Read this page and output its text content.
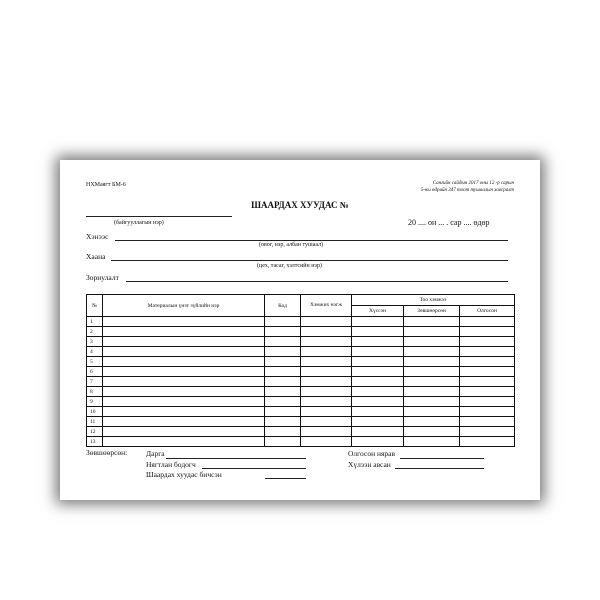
НХМаягт БМ-6	Сангийн сайдын 2017 оны 12 -р сарын
5-ны өдрийн 347 тоот тушаалын хавсралт
ШААРДАХ ХУУДАС №
(байгууллагын нэр)	20 .... он ... . сар .... өдөр
Хэнээс
(овог, нэр, албан тушаал)
Хаана
(цех, тасаг, хэлтсийн нэр)
Зориулалт
№	Материалын үнэт зүйлийн нэр	Код	Хэмжих нэгж	Тоо хэмжээ		
				Хүссэн	Зөвшөөрсөн	Олгосон
1						
2						
3						
4						
5						
6						
7						
8						
9						
10						
11						
12						
13						
Зөвшөөрсөн:	Дарга
Нягтлан бодогч
Шаардах хуудас бичсэн
Олгосон нярав
Хүлээн авсан
